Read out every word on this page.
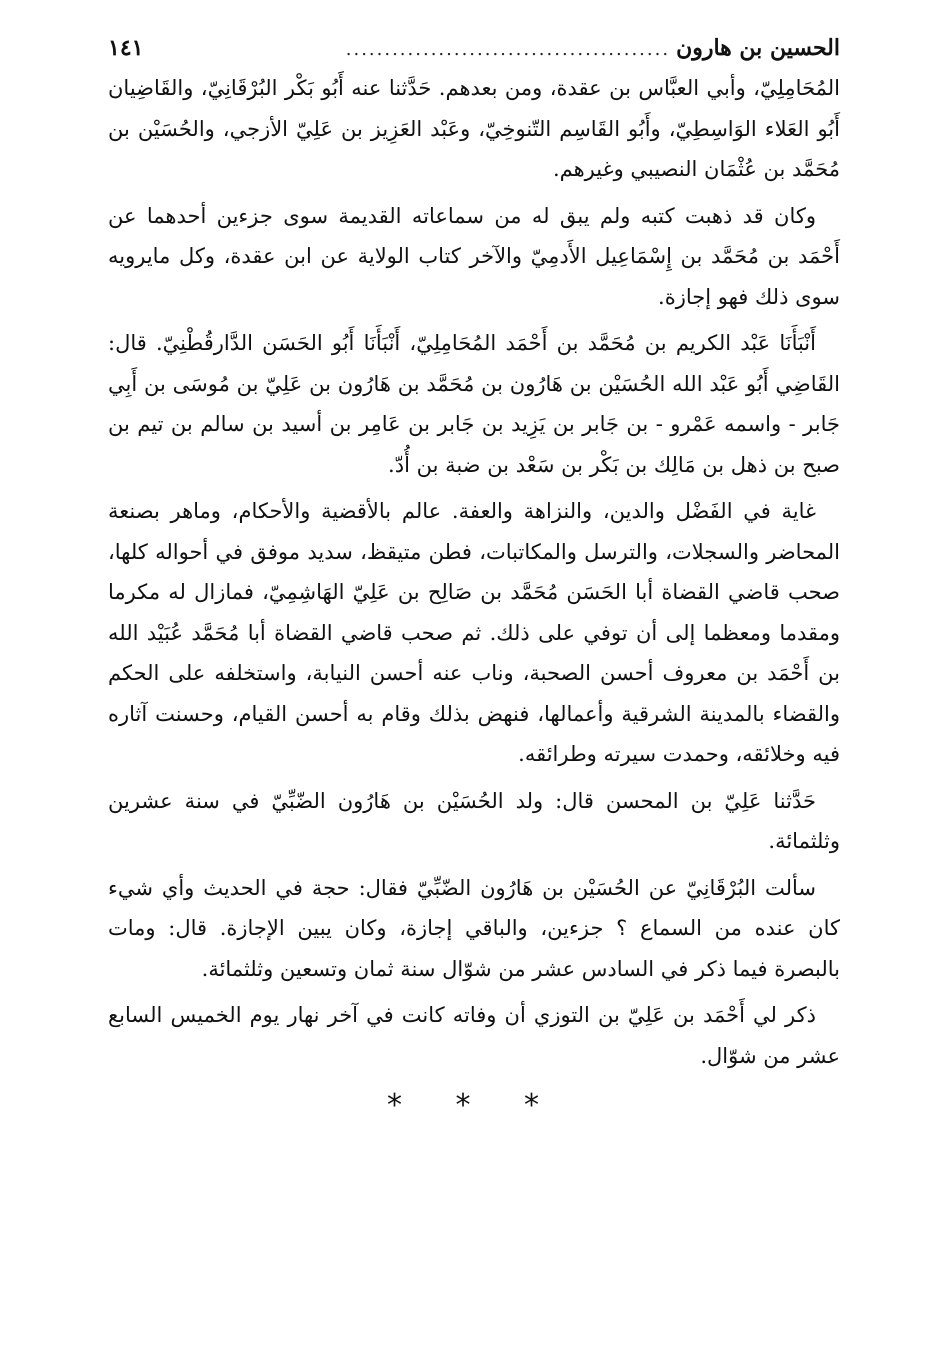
الحسين بن هارون
..........................................
١٤١

المُحَامِلِيّ، وأبي العبَّاس بن عقدة، ومن بعدهم. حَدَّثنا عنه أَبُو بَكْر البُرْقَانِيّ، والقَاضِيان أَبُو العَلاء الوَاسِطِيّ، وأَبُو القَاسِم التّنوخِيّ، وعَبْد العَزِيز بن عَلِيّ الأزجي، والحُسَيْن بن مُحَمَّد بن عُثْمَان النصيبي وغيرهم.

وكان قد ذهبت كتبه ولم يبق له من سماعاته القديمة سوى جزءين أحدهما عن أَحْمَد بن مُحَمَّد بن إِسْمَاعِيل الأَدمِيّ والآخر كتاب الولاية عن ابن عقدة، وكل مايرويه سوى ذلك فهو إجازة.

أَنْبَأَنَا عَبْد الكريم بن مُحَمَّد بن أَحْمَد المُحَامِلِيّ، أَنْبَأَنَا أَبُو الحَسَن الدَّارقُطْنِيّ. قال: القَاضِي أَبُو عَبْد الله الحُسَيْن بن هَارُون بن مُحَمَّد بن هَارُون بن عَلِيّ بن مُوسَى بن أَبِي جَابر - واسمه عَمْرو - بن جَابر بن يَزِيد بن جَابر بن عَامِر بن أسيد بن سالم بن تيم بن صبح بن ذهل بن مَالِك بن بَكْر بن سَعْد بن ضبة بن أُدّ.

غاية في الفَضْل والدين، والنزاهة والعفة. عالم بالأقضية والأحكام، وماهر بصنعة المحاضر والسجلات، والترسل والمكاتبات، فطن متيقظ، سديد موفق في أحواله كلها، صحب قاضي القضاة أبا الحَسَن مُحَمَّد بن صَالِح بن عَلِيّ الهَاشِمِيّ، فمازال له مكرما ومقدما ومعظما إلى أن توفي على ذلك. ثم صحب قاضي القضاة أبا مُحَمَّد عُبَيْد الله بن أَحْمَد بن معروف أحسن الصحبة، وناب عنه أحسن النيابة، واستخلفه على الحكم والقضاء بالمدينة الشرقية وأعمالها، فنهض بذلك وقام به أحسن القيام، وحسنت آثاره فيه وخلائقه، وحمدت سيرته وطرائقه.

حَدَّثنا عَلِيّ بن المحسن قال: ولد الحُسَيْن بن هَارُون الضّبِّيّ في سنة عشرين وثلثمائة.

سألت البُرْقَانِيّ عن الحُسَيْن بن هَارُون الضّبِّيّ فقال: حجة في الحديث وأي شيء كان عنده من السماع ؟ جزءين، والباقي إجازة، وكان يبين الإجازة. قال: ومات بالبصرة فيما ذكر في السادس عشر من شوّال سنة ثمان وتسعين وثلثمائة.

ذكر لي أَحْمَد بن عَلِيّ بن التوزي أن وفاته كانت في آخر نهار يوم الخميس السابع عشر من شوّال.

* * *
